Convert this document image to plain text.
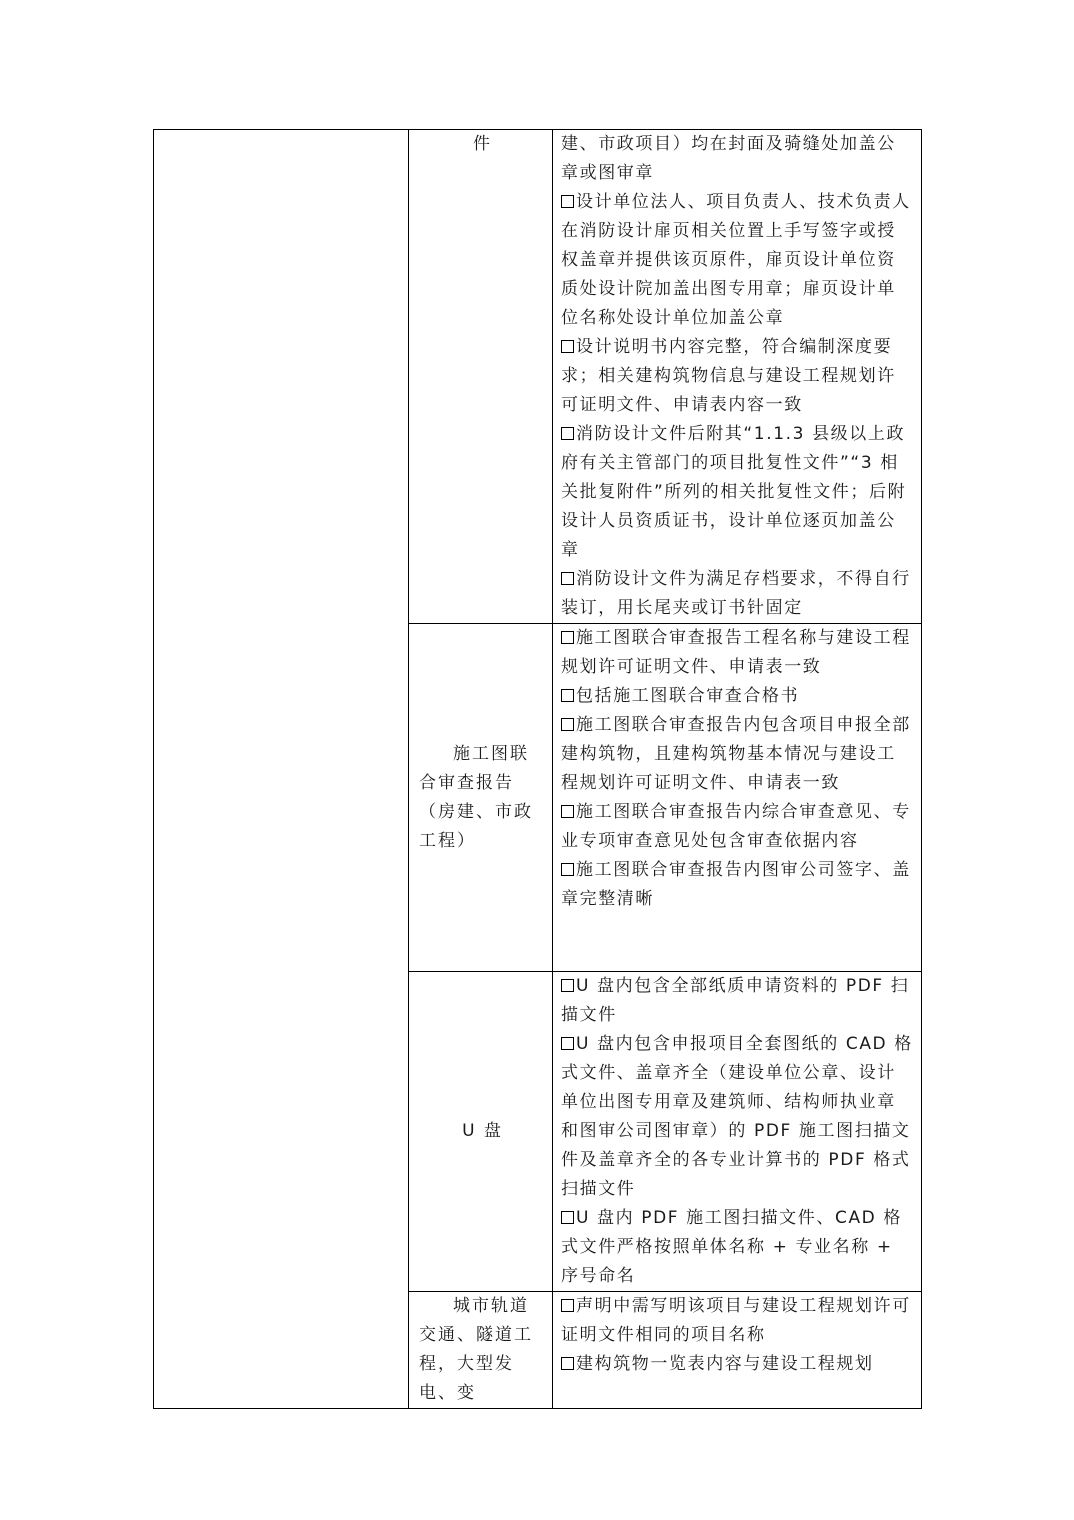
	件	建、市政项目）均在封面及骑缝处加盖公章或图审章
设计单位法人、项目负责人、技术负责人在消防设计扉页相关位置上手写签字或授权盖章并提供该页原件，扉页设计单位资质处设计院加盖出图专用章；扉页设计单位名称处设计单位加盖公章
设计说明书内容完整，符合编制深度要求；相关建构筑物信息与建设工程规划许可证明文件、申请表内容一致
消防设计文件后附其“1.1.3 县级以上政府有关主管部门的项目批复性文件”“3 相关批复附件”所列的相关批复性文件；后附设计人员资质证书，设计单位逐页加盖公章
消防设计文件为满足存档要求，不得自行装订，用长尾夹或订书针固定

	施工图联合审查报告（房建、市政工程）	施工图联合审查报告工程名称与建设工程规划许可证明文件、申请表一致
包括施工图联合审查合格书
施工图联合审查报告内包含项目申报全部建构筑物，且建构筑物基本情况与建设工程规划许可证明文件、申请表一致
施工图联合审查报告内综合审查意见、专业专项审查意见处包含审查依据内容
施工图联合审查报告内图审公司签字、盖章完整清晰

	U 盘	U 盘内包含全部纸质申请资料的 PDF 扫描文件
U 盘内包含申报项目全套图纸的 CAD 格式文件、盖章齐全（建设单位公章、设计单位出图专用章及建筑师、结构师执业章和图审公司图审章）的 PDF 施工图扫描文件及盖章齐全的各专业计算书的 PDF 格式扫描文件
U 盘内 PDF 施工图扫描文件、CAD 格式文件严格按照单体名称 + 专业名称 + 序号命名

	城市轨道交通、隧道工程，大型发电、变	声明中需写明该项目与建设工程规划许可证明文件相同的项目名称
建构筑物一览表内容与建设工程规划
